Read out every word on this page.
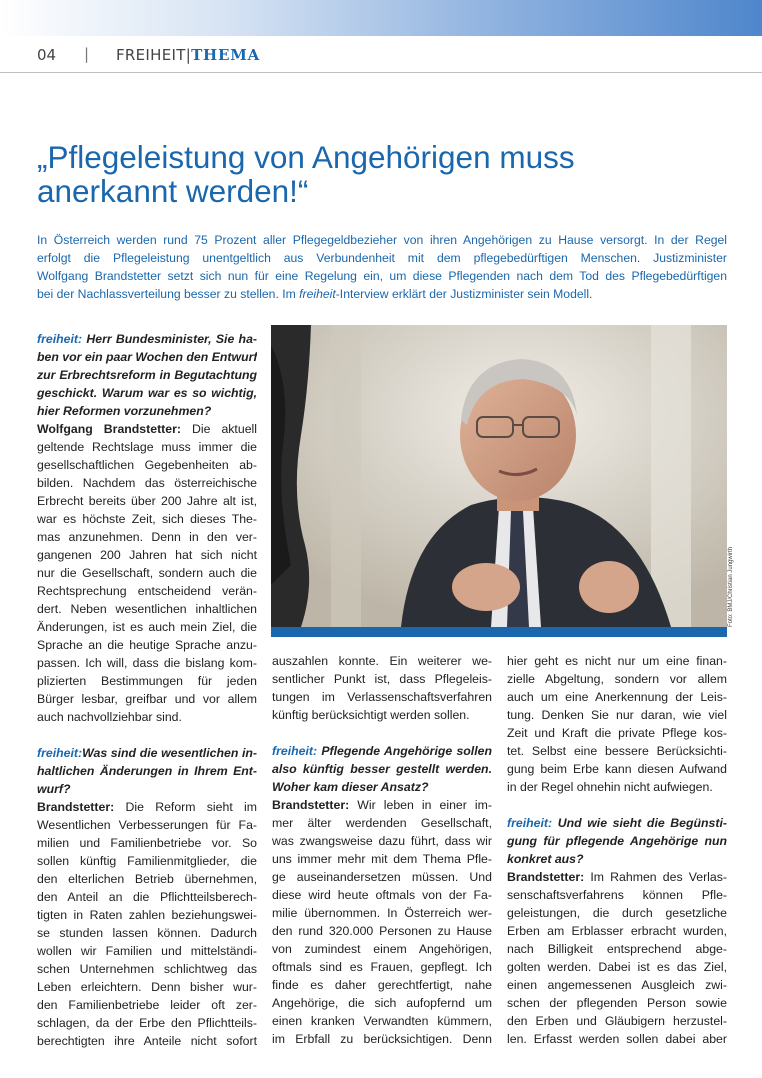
04 | FREIHEIT|THEMA
„Pflegeleistung von Angehörigen muss
anerkannt werden!“
In Österreich werden rund 75 Prozent aller Pflegegeldbezieher von ihren Angehörigen zu Hause versorgt. In der Regel
erfolgt die Pflegeleistung unentgeltlich aus Verbundenheit mit dem pflegebedürftigen Menschen. Justizminister
Wolfgang Brandstetter setzt sich nun für eine Regelung ein, um diese Pflegenden nach dem Tod des Pflegebedürftigen
bei der Nachlassverteilung besser zu stellen. Im freiheit-Interview erklärt der Justizminister sein Modell.
freiheit: Herr Bundesminister, Sie ha-
ben vor ein paar Wochen den Entwurf
zur Erbrechtsreform in Begutachtung
geschickt. Warum war es so wichtig,
hier Reformen vorzunehmen?
Wolfgang Brandstetter: Die aktuell
geltende Rechtslage muss immer die
gesellschaftlichen Gegebenheiten ab-
bilden. Nachdem das österreichische
Erbrecht bereits über 200 Jahre alt ist,
war es höchste Zeit, sich dieses The-
mas anzunehmen. Denn in den ver-
gangenen 200 Jahren hat sich nicht
nur die Gesellschaft, sondern auch die
Rechtsprechung entscheidend verän-
dert. Neben wesentlichen inhaltlichen
Änderungen, ist es auch mein Ziel, die
Sprache an die heutige Sprache anzu-
passen. Ich will, dass die bislang kom-
plizierten Bestimmungen für jeden
Bürger lesbar, greifbar und vor allem
auch nachvollziehbar sind.
freiheit:Was sind die wesentlichen in-
haltlichen Änderungen in Ihrem Ent-
wurf?
Brandstetter: Die Reform sieht im
Wesentlichen Verbesserungen für Fa-
milien und Familienbetriebe vor. So
sollen künftig Familienmitglieder, die
den elterlichen Betrieb übernehmen,
den Anteil an die Pflichtteilsberech-
tigten in Raten zahlen beziehungswei-
se stunden lassen können. Dadurch
wollen wir Familien und mittelständi-
schen Unternehmen schlichtweg das
Leben erleichtern. Denn bisher wur-
den Familienbetriebe leider oft zer-
schlagen, da der Erbe den Pflichtteils-
berechtigten ihre Anteile nicht sofort
Foto: BMJ/Christian Jungwirth
auszahlen konnte. Ein weiterer we-
sentlicher Punkt ist, dass Pflegeleis-
tungen im Verlassenschaftsverfahren
künftig berücksichtigt werden sollen.
freiheit: Pflegende Angehörige sollen
also künftig besser gestellt werden.
Woher kam dieser Ansatz?
Brandstetter: Wir leben in einer im-
mer älter werdenden Gesellschaft,
was zwangsweise dazu führt, dass wir
uns immer mehr mit dem Thema Pfle-
ge auseinandersetzen müssen. Und
diese wird heute oftmals von der Fa-
milie übernommen. In Österreich wer-
den rund 320.000 Personen zu Hause
von zumindest einem Angehörigen,
oftmals sind es Frauen, gepflegt. Ich
finde es daher gerechtfertigt, nahe
Angehörige, die sich aufopfernd um
einen kranken Verwandten kümmern,
im Erbfall zu berücksichtigen. Denn
hier geht es nicht nur um eine finan-
zielle Abgeltung, sondern vor allem
auch um eine Anerkennung der Leis-
tung. Denken Sie nur daran, wie viel
Zeit und Kraft die private Pflege kos-
tet. Selbst eine bessere Berücksichti-
gung beim Erbe kann diesen Aufwand
in der Regel ohnehin nicht aufwiegen.
freiheit: Und wie sieht die Begünsti-
gung für pflegende Angehörige nun
konkret aus?
Brandstetter: Im Rahmen des Verlas-
senschaftsverfahrens können Pfle-
geleistungen, die durch gesetzliche
Erben am Erblasser erbracht wurden,
nach Billigkeit entsprechend abge-
golten werden. Dabei ist es das Ziel,
einen angemessenen Ausgleich zwi-
schen der pflegenden Person sowie
den Erben und Gläubigern herzustel-
len. Erfasst werden sollen dabei aber
